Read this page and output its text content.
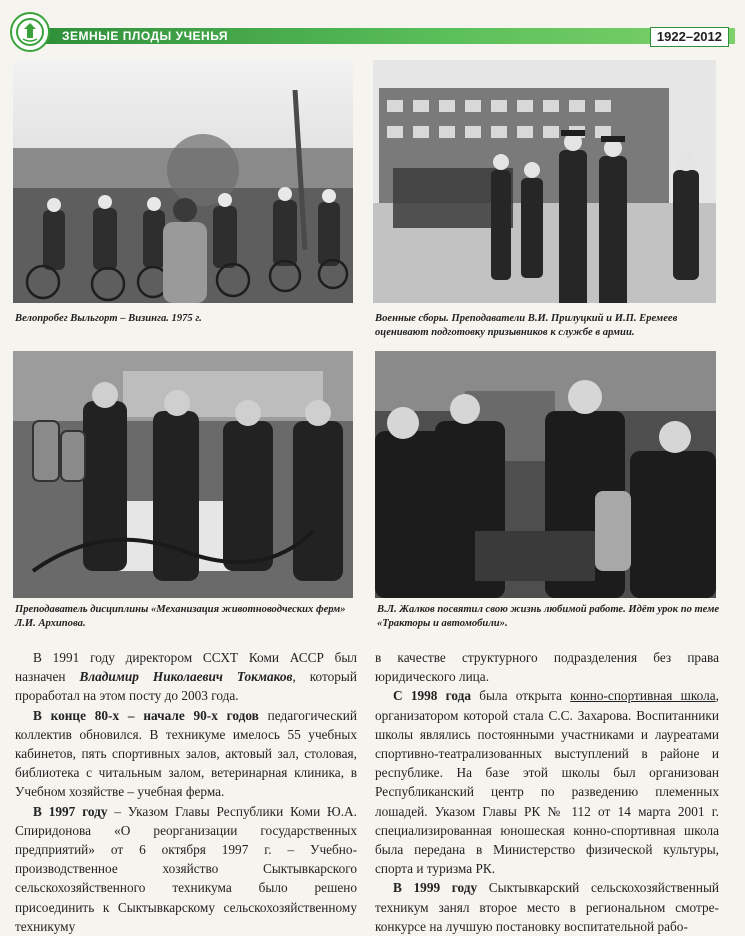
ЗЕМНЫЕ ПЛОДЫ УЧЕНЬЯ	1922–2012
Велопробег Выльгорт – Визинга. 1975 г.	Военные сборы. Преподаватели В.И. Прилуцкий и И.П. Еремеев оценивают подготовку призывников к службе в армии.
Преподаватель дисциплины «Механизация животноводческих ферм» Л.И. Архипова.
В.Л. Жалков посвятил свою жизнь любимой работе. Идёт урок по теме «Тракторы и автомобили».

В 1991 году директором ССХТ Коми АССР был назначен Владимир Николаевич Токмаков, который проработал на этом посту до 2003 года.

В конце 80-х – начале 90-х годов педагогический коллектив обновился. В техникуме имелось 55 учебных кабинетов, пять спортивных залов, актовый зал, столовая, библиотека с читальным залом, ветеринарная клиника, в Учебном хозяйстве – учебная ферма.

В 1997 году – Указом Главы Республики Коми Ю.А. Спиридонова «О реорганизации государственных предприятий» от 6 октября 1997 г. – Учебно-производственное хозяйство Сыктывкарского сельскохозяйственного техникума было решено присоединить к Сыктывкарскому сельскохозяйственному техникуму

в качестве структурного подразделения без права юридического лица.

С 1998 года была открыта конно-спортивная школа, организатором которой стала С.С. Захарова. Воспитанники школы являлись постоянными участниками и лауреатами спортивно-театрализованных выступлений в районе и республике. На базе этой школы был организован Республиканский центр по разведению племенных лошадей. Указом Главы РК № 112 от 14 марта 2001 г. специализированная юношеская конно-спортивная школа была передана в Министерство физической культуры, спорта и туризма РК.

В 1999 году Сыктывкарский сельскохозяйственный техникум занял второе место в региональном смотре-конкурсе на лучшую постановку воспитательной рабо-
